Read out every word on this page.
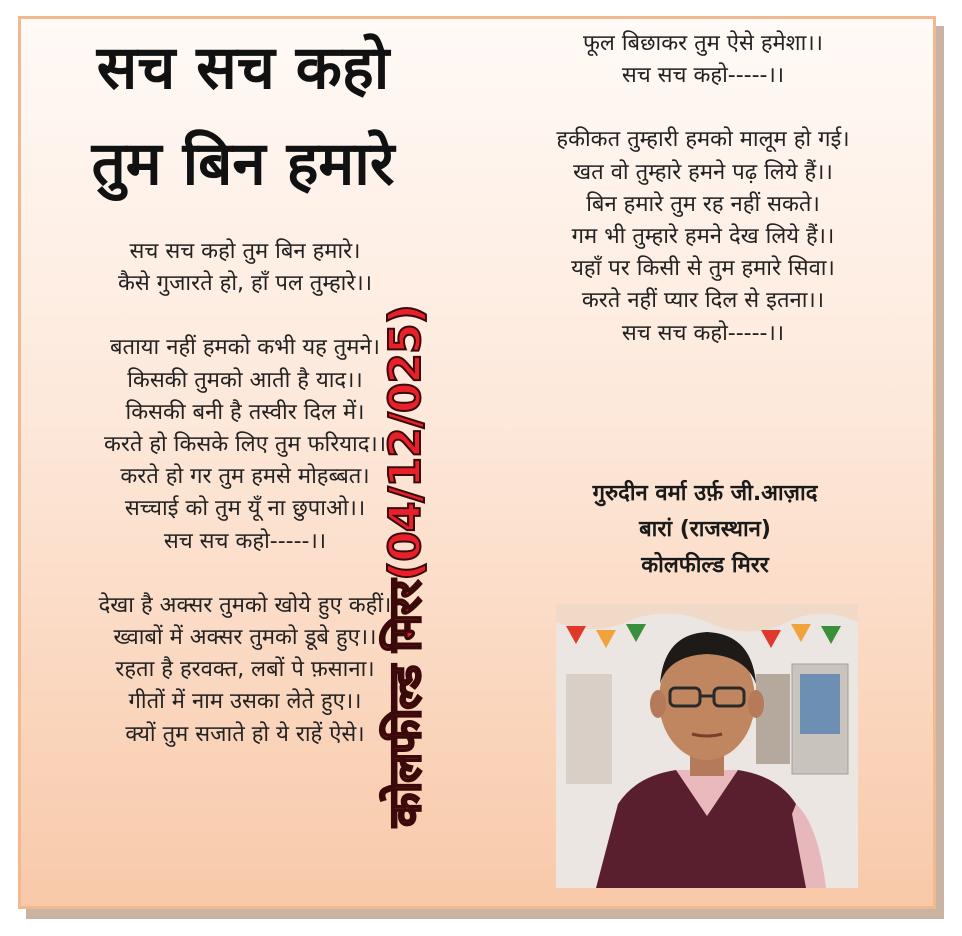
सच सच कहो
तुम बिन हमारे
सच सच कहो तुम बिन हमारे।
कैसे गुजारते हो, हाँ पल तुम्हारे।।
बताया नहीं हमको कभी यह तुमने।
किसकी तुमको आती है याद।।
किसकी बनी है तस्वीर दिल में।
करते हो किसके लिए तुम फरियाद।।
करते हो गर तुम हमसे मोहब्बत।
सच्चाई को तुम यूँ ना छुपाओ।।
सच सच कहो-----।।
देखा है अक्सर तुमको खोये हुए कहीं।
ख्वाबों में अक्सर तुमको डूबे हुए।।
रहता है हरवक्त, लबों पे फ़साना।
गीतों में नाम उसका लेते हुए।।
क्यों तुम सजाते हो ये राहें ऐसे।
फूल बिछाकर तुम ऐसे हमेशा।।
सच सच कहो-----।।
हकीकत तुम्हारी हमको मालूम हो गई।
खत वो तुम्हारे हमने पढ़ लिये हैं।।
बिन हमारे तुम रह नहीं सकते।
गम भी तुम्हारे हमने देख लिये हैं।।
यहाँ पर किसी से तुम हमारे सिवा।
करते नहीं प्यार दिल से इतना।।
सच सच कहो-----।।
कोलफील्ड मिरर(04/12/025)	गुरुदीन वर्मा उर्फ़ जी.आज़ाद
बारां (राजस्थान)
कोलफील्ड मिरर
